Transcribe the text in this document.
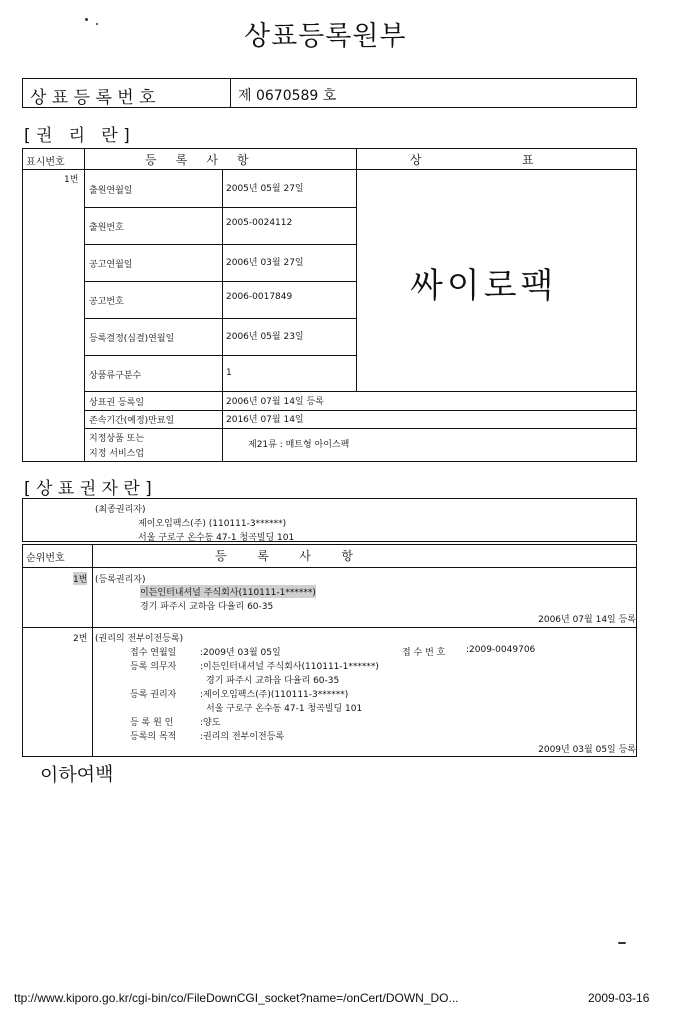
상표등록원부
상 표 등 록 번 호	제 0670589 호
[ 권   리   란 ]
표시번호	등     록     사     항	상	표
1번
출원연월일	2005년 05월 27일
출원번호	2005-0024112
공고연월일	2006년 03월 27일
공고번호	2006-0017849
등록결정(심결)연월일	2006년 05월 23일
상품류구분수	1
상표권 등록일	2006년 07월 14일 등록
존속기간(예정)만료일	2016년 07월 14일
지정상품 또는
지정 서비스업
제21류 : 매트형 아이스팩
싸이로팩
[ 상 표 권 자 란 ]
(최종권리자)
제이오임팩스(주) (110111-3******)
서울 구로구 온수동 47-1 청곡빌딩 101
순위번호	등        록        사        항
1번 (등록권리자)
이든인터내셔널 주식회사(110111-1******)
경기 파주시 교하읍 다율리 60-35
2006년 07월 14일 등록
2번 (권리의 전부이전등록)
접수 연월일	:2009년 03월 05일	접 수 번 호 :2009-0049706
등록 의무자	:이든인터내셔널 주식회사(110111-1******)
경기 파주시 교하읍 다율리 60-35
등록 권리자	:제이오임팩스(주)(110111-3******)
서울 구로구 온수동 47-1 청곡빌딩 101
등 록 원 인	:양도
등록의 목적	:권리의 전부이전등록
2009년 03월 05일 등록
이하여백
ttp://www.kiporo.go.kr/cgi-bin/co/FileDownCGI_socket?name=/onCert/DOWN_DO...	2009-03-16
